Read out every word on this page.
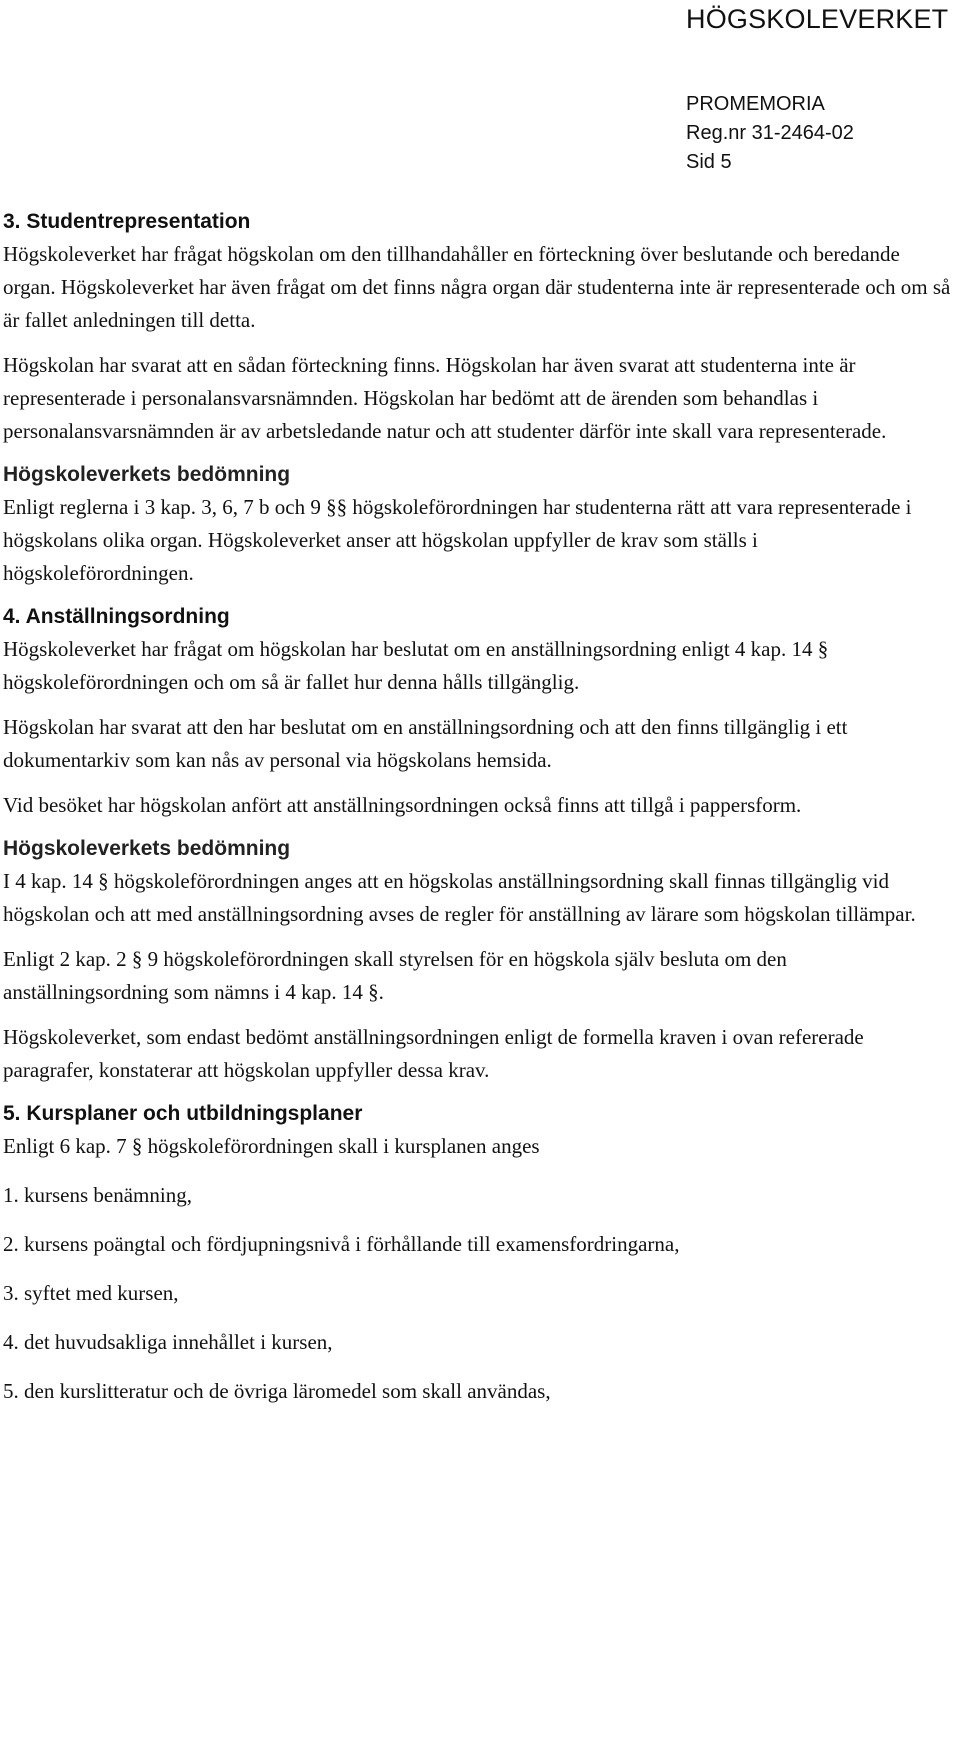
HÖGSKOLEVERKET
PROMEMORIA
Reg.nr 31-2464-02
Sid 5
3. Studentrepresentation

Högskoleverket har frågat högskolan om den tillhandahåller en förteckning över beslutande och beredande organ. Högskoleverket har även frågat om det finns några organ där studenterna inte är representerade och om så är fallet anledningen till detta.

Högskolan har svarat att en sådan förteckning finns. Högskolan har även svarat att studenterna inte är representerade i personalansvarsnämnden. Högskolan har bedömt att de ärenden som behandlas i personalansvarsnämnden är av arbetsledande natur och att studenter därför inte skall vara representerade.

Högskoleverkets bedömning

Enligt reglerna i 3 kap. 3, 6, 7 b och 9 §§ högskoleförordningen har studenterna rätt att vara representerade i högskolans olika organ. Högskoleverket anser att högskolan uppfyller de krav som ställs i högskoleförordningen.

4. Anställningsordning

Högskoleverket har frågat om högskolan har beslutat om en anställningsordning enligt 4 kap. 14 § högskoleförordningen och om så är fallet hur denna hålls tillgänglig.

Högskolan har svarat att den har beslutat om en anställningsordning och att den finns tillgänglig i ett dokumentarkiv som kan nås av personal via högskolans hemsida.

Vid besöket har högskolan anfört att anställningsordningen också finns att tillgå i pappersform.

Högskoleverkets bedömning

I 4 kap. 14 § högskoleförordningen anges att en högskolas anställningsordning skall finnas tillgänglig vid högskolan och att med anställningsordning avses de regler för anställning av lärare som högskolan tillämpar.

Enligt 2 kap. 2 § 9 högskoleförordningen skall styrelsen för en högskola själv besluta om den anställningsordning som nämns i 4 kap. 14 §.

Högskoleverket, som endast bedömt anställningsordningen enligt de formella kraven i ovan refererade paragrafer, konstaterar att högskolan uppfyller dessa krav.

5. Kursplaner och utbildningsplaner

Enligt 6 kap. 7 § högskoleförordningen skall i kursplanen anges

1. kursens benämning,
2. kursens poängtal och fördjupningsnivå i förhållande till examensfordringarna,
3. syftet med kursen,
4. det huvudsakliga innehållet i kursen,
5. den kurslitteratur och de övriga läromedel som skall användas,
